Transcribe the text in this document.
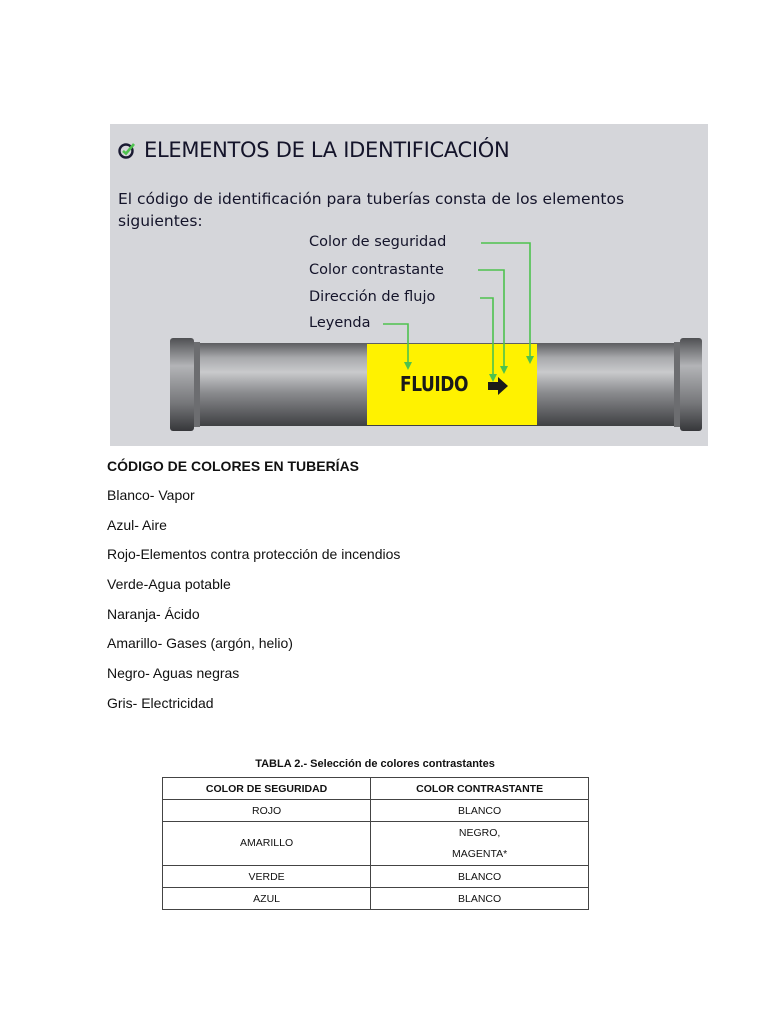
ELEMENTOS DE LA IDENTIFICACIÓN
El código de identificación para tuberías consta de los elementos siguientes:
Color de seguridad
Color contrastante
Dirección de flujo
Leyenda
FLUIDO
CÓDIGO DE COLORES EN TUBERÍAS
Blanco- Vapor
Azul- Aire
Rojo-Elementos contra protección de incendios
Verde-Agua potable
Naranja- Ácido
Amarillo- Gases (argón, helio)
Negro- Aguas negras
Gris- Electricidad
TABLA 2.- Selección de colores contrastantes
COLOR DE SEGURIDAD	COLOR CONTRASTANTE
ROJO	BLANCO
AMARILLO	NEGRO,
MAGENTA*

VERDE	BLANCO
AZUL	BLANCO
